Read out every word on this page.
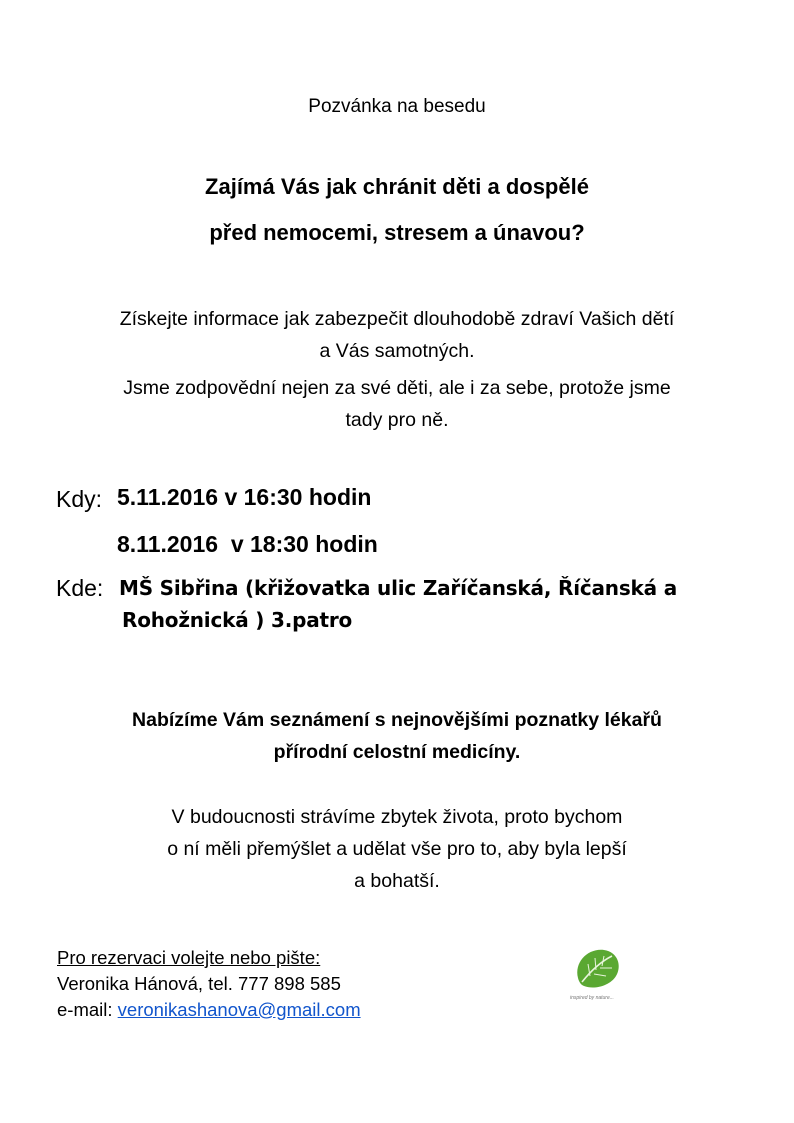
Pozvánka na besedu
Zajímá Vás jak chránit děti a dospělé
před nemocemi, stresem a únavou?
Získejte informace jak zabezpečit dlouhodobě zdraví Vašich dětí
a Vás samotných.
Jsme zodpovědní nejen za své děti, ale i za sebe, protože jsme
tady pro ně.
Kdy: 5.11.2016 v 16:30 hodin
8.11.2016  v 18:30 hodin
Kde: MŠ Sibřina (křižovatka ulic Zaříčanská, Říčanská a
Rohožnická ) 3.patro
Nabízíme Vám seznámení s nejnovějšími poznatky lékařů
přírodní celostní medicíny.
V budoucnosti strávíme zbytek života, proto bychom
o ní měli přemýšlet a udělat vše pro to, aby byla lepší
a bohatší.
Pro rezervaci volejte nebo pište:
Veronika Hánová, tel. 777 898 585
e-mail: veronikashanova@gmail.com
inspired by nature...
